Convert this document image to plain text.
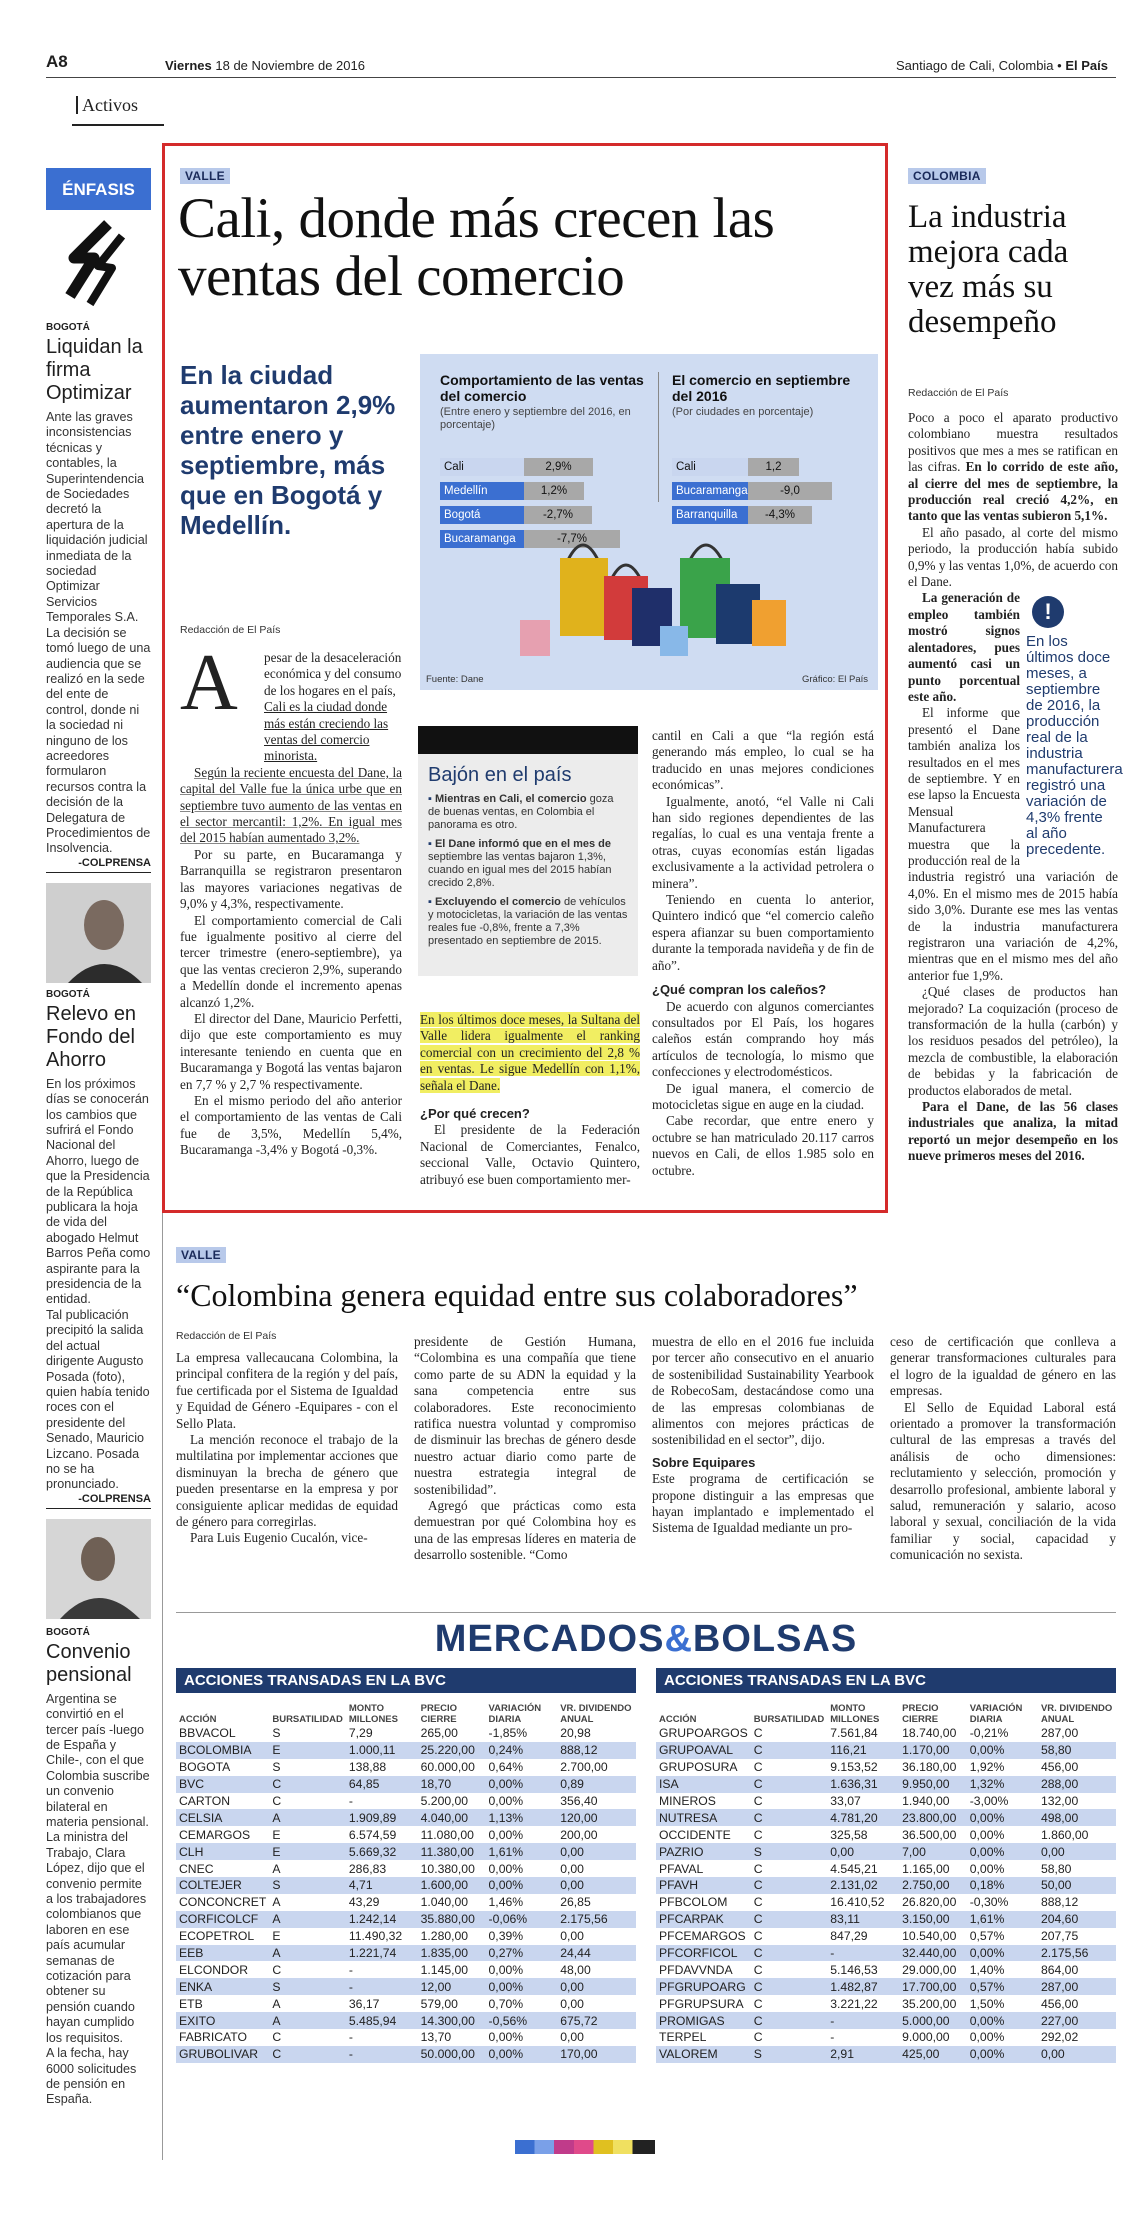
A8	Viernes 18 de Noviembre de 2016	Santiago de Cali, Colombia • El País
Activos
ÉNFASIS
BOGOTÁ
Liquidan la firma Optimizar

Ante las graves inconsistencias técnicas y contables, la Superintendencia de Sociedades decretó la apertura de la liquidación judicial inmediata de la sociedad Optimizar Servicios Temporales S.A.

La decisión se tomó luego de una audiencia que se realizó en la sede del ente de control, donde ni la sociedad ni ninguno de los acreedores formularon recursos contra la decisión de la Delegatura de Procedimientos de Insolvencia.

-COLPRENSA
BOGOTÁ
Relevo en Fondo del Ahorro

En los próximos días se conocerán los cambios que sufrirá el Fondo Nacional del Ahorro, luego de que la Presidencia de la República publicara la hoja de vida del abogado Helmut Barros Peña como aspirante para la presidencia de la entidad.

Tal publicación precipitó la salida del actual dirigente Augusto Posada (foto), quien había tenido roces con el presidente del Senado, Mauricio Lizcano. Posada no se ha pronunciado.

-COLPRENSA
BOGOTÁ
Convenio pensional

Argentina se convirtió en el tercer país -luego de España y Chile-, con el que Colombia suscribe un convenio bilateral en materia pensional.

La ministra del Trabajo, Clara López, dijo que el convenio permite a los trabajadores colombianos que laboren en ese país acumular semanas de cotización para obtener su pensión cuando hayan cumplido los requisitos.

A la fecha, hay 6000 solicitudes de pensión en España.

VALLE
Cali, donde más crecen las ventas del comercio
En la ciudad aumentaron 2,9% entre enero y septiembre, más que en Bogotá y Medellín.
Comportamiento de las ventas del comercio
(Entre enero y septiembre del 2016, en porcentaje)
El comercio en septiembre del 2016
(Por ciudades en porcentaje)
Cali	2,9%
Medellín	1,2%
Bogotá	-2,7%
Bucaramanga	-7,7%
Cali	1,2
Bucaramanga	-9,0
Barranquilla	-4,3%
Fuente: Dane	Gráfico: El País
Redacción de El País
A pesar de la desaceleración económica y del consumo de los hogares en el país, Cali es la ciudad donde más están creciendo las ventas del comercio minorista.

Según la reciente encuesta del Dane, la capital del Valle fue la única urbe que en septiembre tuvo aumento de las ventas en el sector mercantil: 1,2%. En igual mes del 2015 habían aumentado 3,2%.

Por su parte, en Bucaramanga y Barranquilla se registraron presentaron las mayores variaciones negativas de 9,0% y 4,3%, respectivamente.

El comportamiento comercial de Cali fue igualmente positivo al cierre del tercer trimestre (enero-septiembre), ya que las ventas crecieron 2,9%, superando a Medellín donde el incremento apenas alcanzó 1,2%.

El director del Dane, Mauricio Perfetti, dijo que este comportamiento es muy interesante teniendo en cuenta que en Bucaramanga y Bogotá las ventas bajaron en 7,7 % y 2,7 % respectivamente.

En el mismo periodo del año anterior el comportamiento de las ventas de Cali fue de 3,5%, Medellín 5,4%, Bucaramanga -3,4% y Bogotá -0,3%.

Bajón en el país

▪ Mientras en Cali, el comercio goza de buenas ventas, en Colombia el panorama es otro.

▪ El Dane informó que en el mes de septiembre las ventas bajaron 1,3%, cuando en igual mes del 2015 habían crecido 2,8%.

▪ Excluyendo el comercio de vehículos y motocicletas, la variación de las ventas reales fue -0,8%, frente a 7,3% presentado en septiembre de 2015.

En los últimos doce meses, la Sultana del Valle lidera igualmente el ranking comercial con un crecimiento del 2,8 % en ventas. Le sigue Medellín con 1,1%, señala el Dane.

¿Por qué crecen?

El presidente de la Federación Nacional de Comerciantes, Fenalco, seccional Valle, Octavio Quintero, atribuyó ese buen comportamiento mer-

cantil en Cali a que “la región está generando más empleo, lo cual se ha traducido en unas mejores condiciones económicas”.

Igualmente, anotó, “el Valle ni Cali han sido regiones dependientes de las regalías, lo cual es una ventaja frente a otras, cuyas economías están ligadas exclusivamente a la actividad petrolera o minera”.

Teniendo en cuenta lo anterior, Quintero indicó que “el comercio caleño espera afianzar su buen comportamiento durante la temporada navideña y de fin de año”.

¿Qué compran los caleños?

De acuerdo con algunos comerciantes consultados por El País, los hogares caleños están comprando hoy más artículos de tecnología, lo mismo que confecciones y electrodomésticos.

De igual manera, el comercio de motocicletas sigue en auge en la ciudad.

Cabe recordar, que entre enero y octubre se han matriculado 20.117 carros nuevos en Cali, de ellos 1.985 solo en octubre.

COLOMBIA
La industria mejora cada vez más su desempeño
Redacción de El País

Poco a poco el aparato productivo colombiano muestra resultados positivos que mes a mes se ratifican en las cifras. En lo corrido de este año, al cierre del mes de septiembre, la producción real creció 4,2%, en tanto que las ventas subieron 5,1%.

El año pasado, al corte del mismo periodo, la producción había subido 0,9% y las ventas 1,0%, de acuerdo con el Dane.

!
En los últimos doce meses, a septiembre de 2016, la producción real de la industria manufacturera registró una variación de 4,3% frente al año precedente.

La generación de empleo también mostró signos alentadores, pues aumentó casi un punto porcentual este año.

El informe que presentó el Dane también analiza los resultados en el mes de septiembre. Y en ese lapso la Encuesta Mensual Manufacturera muestra que la producción real de la industria registró una variación de 4,0%. En el mismo mes de 2015 había sido 3,0%. Durante ese mes las ventas de la industria manufacturera registraron una variación de 4,2%, mientras que en el mismo mes del año anterior fue 1,9%.

¿Qué clases de productos han mejorado? La coquización (proceso de transformación de la hulla (carbón) y los residuos pesados del petróleo), la mezcla de combustible, la elaboración de bebidas y la fabricación de productos elaborados de metal.

Para el Dane, de las 56 clases industriales que analiza, la mitad reportó un mejor desempeño en los nueve primeros meses del 2016.

VALLE
“Colombina genera equidad entre sus colaboradores”
Redacción de El País

La empresa vallecaucana Colombina, la principal confitera de la región y del país, fue certificada por el Sistema de Igualdad y Equidad de Género -Equipares - con el Sello Plata.

La mención reconoce el trabajo de la multilatina por implementar acciones que disminuyan la brecha de género que pueden presentarse en la empresa y por consiguiente aplicar medidas de equidad de género para corregirlas.

Para Luis Eugenio Cucalón, vice-

presidente de Gestión Humana, “Colombina es una compañía que tiene como parte de su ADN la equidad y la sana competencia entre sus colaboradores. Este reconocimiento ratifica nuestra voluntad y compromiso de disminuir las brechas de género desde nuestro actuar diario como parte de nuestra estrategia integral de sostenibilidad”.

Agregó que prácticas como esta demuestran por qué Colombina hoy es una de las empresas líderes en materia de desarrollo sostenible. “Como

muestra de ello en el 2016 fue incluida por tercer año consecutivo en el anuario de sostenibilidad Sustainability Yearbook de RobecoSam, destacándose como una de las empresas colombianas de alimentos con mejores prácticas de sostenibilidad en el sector”, dijo.

Sobre Equipares

Este programa de certificación se propone distinguir a las empresas que hayan implantado e implementado el Sistema de Igualdad mediante un pro-

ceso de certificación que conlleva a generar transformaciones culturales para el logro de la igualdad de género en las empresas.

El Sello de Equidad Laboral está orientado a promover la transformación cultural de las empresas a través del análisis de ocho dimensiones: reclutamiento y selección, promoción y desarrollo profesional, ambiente laboral y salud, remuneración y salario, acoso laboral y sexual, conciliación de la vida familiar y social, capacidad y comunicación no sexista.

MERCADOS&BOLSAS
ACCIONES TRANSADAS EN LA BVC
ACCIÓN	BURSATILIDAD	MONTO MILLONES	PRECIO CIERRE	VARIACIÓN DIARIA	VR. DIVIDENDO ANUAL
BBVACOL	S	7,29	265,00	-1,85%	20,98
BCOLOMBIA	E	1.000,11	25.220,00	0,24%	888,12
BOGOTA	S	138,88	60.000,00	0,64%	2.700,00
BVC	C	64,85	18,70	0,00%	0,89
CARTON	C	-	5.200,00	0,00%	356,40
CELSIA	A	1.909,89	4.040,00	1,13%	120,00
CEMARGOS	E	6.574,59	11.080,00	0,00%	200,00
CLH	E	5.669,32	11.380,00	1,61%	0,00
CNEC	A	286,83	10.380,00	0,00%	0,00
COLTEJER	S	4,71	1.600,00	0,00%	0,00
CONCONCRET	A	43,29	1.040,00	1,46%	26,85
CORFICOLCF	A	1.242,14	35.880,00	-0,06%	2.175,56
ECOPETROL	E	11.490,32	1.280,00	0,39%	0,00
EEB	A	1.221,74	1.835,00	0,27%	24,44
ELCONDOR	C	-	1.145,00	0,00%	48,00
ENKA	S	-	12,00	0,00%	0,00
ETB	A	36,17	579,00	0,70%	0,00
EXITO	A	5.485,94	14.300,00	-0,56%	675,72
FABRICATO	C	-	13,70	0,00%	0,00
GRUBOLIVAR	C	-	50.000,00	0,00%	170,00
ACCIONES TRANSADAS EN LA BVC
ACCIÓN	BURSATILIDAD	MONTO MILLONES	PRECIO CIERRE	VARIACIÓN DIARIA	VR. DIVIDENDO ANUAL
GRUPOARGOS	C	7.561,84	18.740,00	-0,21%	287,00
GRUPOAVAL	C	116,21	1.170,00	0,00%	58,80
GRUPOSURA	C	9.153,52	36.180,00	1,92%	456,00
ISA	C	1.636,31	9.950,00	1,32%	288,00
MINEROS	C	33,07	1.940,00	-3,00%	132,00
NUTRESA	C	4.781,20	23.800,00	0,00%	498,00
OCCIDENTE	C	325,58	36.500,00	0,00%	1.860,00
PAZRIO	S	0,00	7,00	0,00%	0,00
PFAVAL	C	4.545,21	1.165,00	0,00%	58,80
PFAVH	C	2.131,02	2.750,00	0,18%	50,00
PFBCOLOM	C	16.410,52	26.820,00	-0,30%	888,12
PFCARPAK	C	83,11	3.150,00	1,61%	204,60
PFCEMARGOS	C	847,29	10.540,00	0,57%	207,75
PFCORFICOL	C	-	32.440,00	0,00%	2.175,56
PFDAVVNDA	C	5.146,53	29.000,00	1,40%	864,00
PFGRUPOARG	C	1.482,87	17.700,00	0,57%	287,00
PFGRUPSURA	C	3.221,22	35.200,00	1,50%	456,00
PROMIGAS	C	-	5.000,00	0,00%	227,00
TERPEL	C	-	9.000,00	0,00%	292,02
VALOREM	S	2,91	425,00	0,00%	0,00
